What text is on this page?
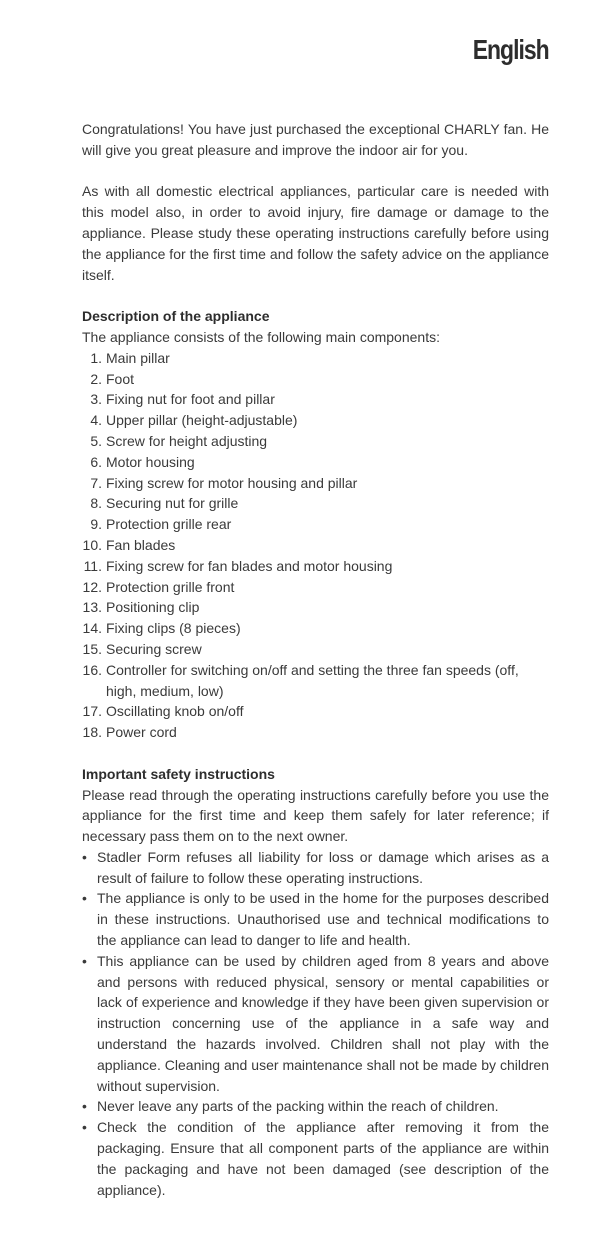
English

Congratulations! You have just purchased the exceptional CHARLY fan. He will give you great pleasure and improve the indoor air for you.

As with all domestic electrical appliances, particular care is needed with this model also, in order to avoid injury, fire damage or damage to the appliance. Please study these operating instructions carefully before using the appliance for the first time and follow the safety advice on the appliance itself.

Description of the appliance

The appliance consists of the following main components:

1. Main pillar
2. Foot
3. Fixing nut for foot and pillar
4. Upper pillar (height-adjustable)
5. Screw for height adjusting
6. Motor housing
7. Fixing screw for motor housing and pillar
8. Securing nut for grille
9. Protection grille rear
10. Fan blades
11. Fixing screw for fan blades and motor housing
12. Protection grille front
13. Positioning clip
14. Fixing clips (8 pieces)
15. Securing screw
16. Controller for switching on/off and setting the three fan speeds (off, high, medium, low)
17. Oscillating knob on/off
18. Power cord

Important safety instructions

Please read through the operating instructions carefully before you use the appliance for the first time and keep them safely for later reference; if necessary pass them on to the next owner.

• Stadler Form refuses all liability for loss or damage which arises as a result of failure to follow these operating instructions.
• The appliance is only to be used in the home for the purposes described in these instructions. Unauthorised use and technical modifications to the appliance can lead to danger to life and health.
• This appliance can be used by children aged from 8 years and above and persons with reduced physical, sensory or mental capabilities or lack of experience and knowledge if they have been given supervision or instruction concerning use of the appliance in a safe way and understand the hazards involved. Children shall not play with the appliance. Cleaning and user maintenance shall not be made by children without supervision.
• Never leave any parts of the packing within the reach of children.
• Check the condition of the appliance after removing it from the packaging. Ensure that all component parts of the appliance are within the packaging and have not been damaged (see description of the appliance).
